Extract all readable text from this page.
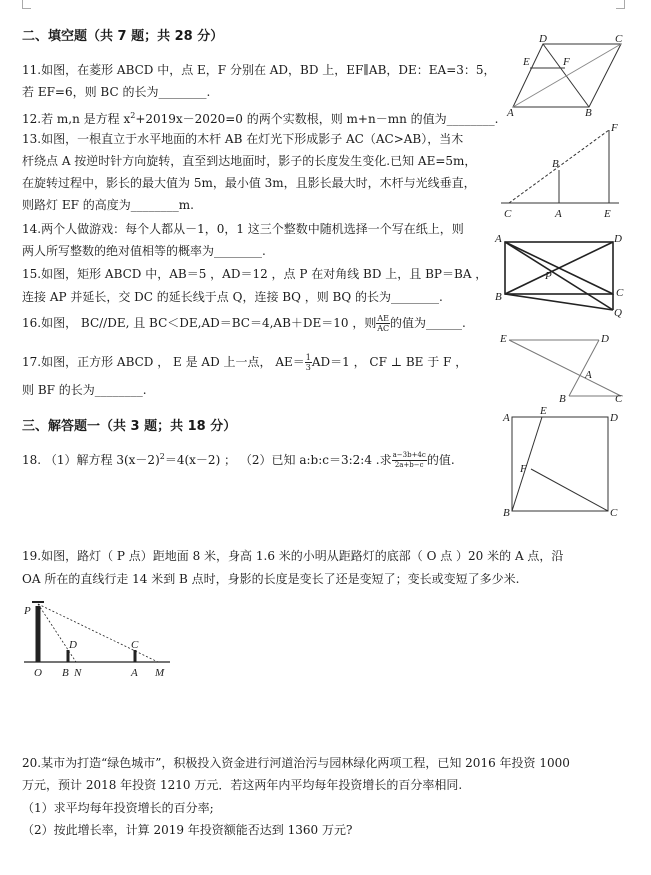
二、填空题（共 7 题；共 28 分）
11.如图，在菱形 ABCD 中，点 E，F 分别在 AD，BD 上，EF∥AB，DE：EA=3：5，
若 EF=6，则 BC 的长为________.
12.若 m,n 是方程 $x^2+2019x-2020=0$ 的两个实数根，则 m+n－mn 的值为________.
13.如图，一根直立于水平地面的木杆 AB 在灯光下形成影子 AC（AC>AB），当木
杆绕点 A 按逆时针方向旋转，直至到达地面时，影子的长度发生变化.已知 AE=5m，
在旋转过程中，影长的最大值为 5m，最小值 3m，且影长最大时，木杆与光线垂直，
则路灯 EF 的高度为________m.
14.两个人做游戏：每个人都从－1，0，1 这三个整数中随机选择一个写在纸上，则
两人所写整数的绝对值相等的概率为________.
15.如图，矩形 ABCD 中，AB＝5 ，AD＝12 ，点 P 在对角线 BD 上，且 BP＝BA ，
连接 AP 并延长，交 DC 的延长线于点 Q，连接 BQ ，则 BQ 的长为________.
16.如图， BC//DE, 且 BC＜DE,AD＝BC＝4,AB＋DE＝10 ，则 $\frac{AE}{AC}$ 的值为______.
17.如图，正方形 ABCD ， E 是 AD 上一点， $AE= \frac{1}{3} AD=1$ ， CF ⊥ BE 于 F ，
则 BF 的长为________.
三、解答题一（共 3 题；共 18 分）
18. （1）解方程 $3(x-2)^2=4(x-2)$ ； （2）已知 a:b:c＝3:2:4 .求 $\frac{a-3b+4c}{2a+b-c}$ 的值.
19.如图，路灯（ P 点）距地面 8 米，身高 1.6 米的小明从距路灯的底部（ O 点 ）20 米的 A 点，沿
OA 所在的直线行走 14 米到 B 点时，身影的长度是变长了还是变短了；变长或变短了多少米.
20.某市为打造“绿色城市”，积极投入资金进行河道治污与园林绿化两项工程，已知 2016 年投资 1000
万元，预计 2018 年投资 1210 万元．若这两年内平均每年投资增长的百分率相同.
（1）求平均每年投资增长的百分率;
（2）按此增长率，计算 2019 年投资额能否达到 1360 万元?
D	C
E	F
A	B
F
B
C	A	E
A	D
P
B	C
Q
E	D
A
B	C
A
E
D
F
B	C
P
D	C
O B N	A M
